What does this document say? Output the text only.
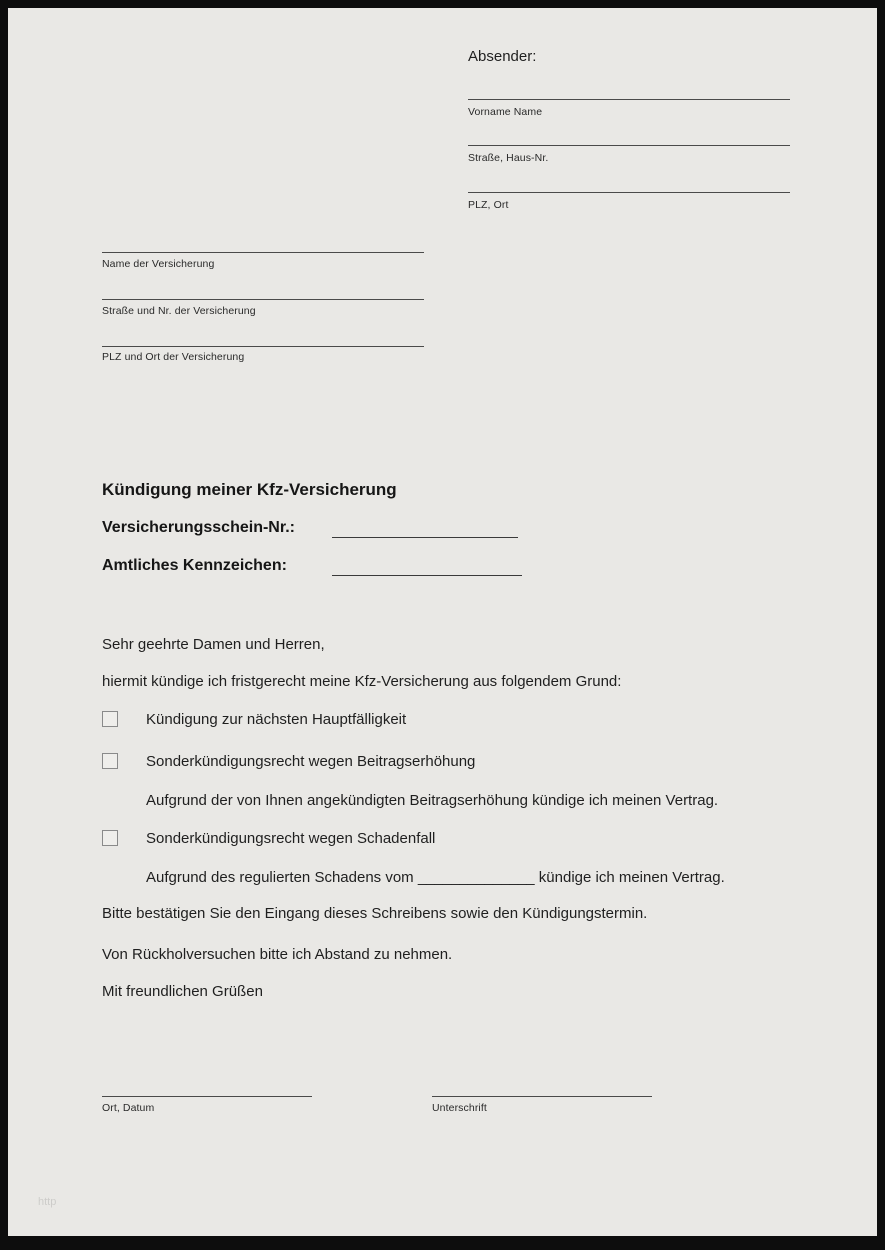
Absender:
Vorname Name
Straße, Haus-Nr.
PLZ, Ort
Name der Versicherung
Straße und Nr. der Versicherung
PLZ und Ort der Versicherung
Kündigung meiner Kfz-Versicherung
Versicherungsschein-Nr.:
Amtliches Kennzeichen:
Sehr geehrte Damen und Herren,
hiermit kündige ich fristgerecht meine Kfz-Versicherung aus folgendem Grund:
Kündigung zur nächsten Hauptfälligkeit
Sonderkündigungsrecht wegen Beitragserhöhung
Aufgrund der von Ihnen angekündigten Beitragserhöhung kündige ich meinen Vertrag.
Sonderkündigungsrecht wegen Schadenfall
Aufgrund des regulierten Schadens vom ______________ kündige ich meinen Vertrag.
Bitte bestätigen Sie den Eingang dieses Schreibens sowie den Kündigungstermin.
Von Rückholversuchen bitte ich Abstand zu nehmen.
Mit freundlichen Grüßen
Ort, Datum	Unterschrift
http
